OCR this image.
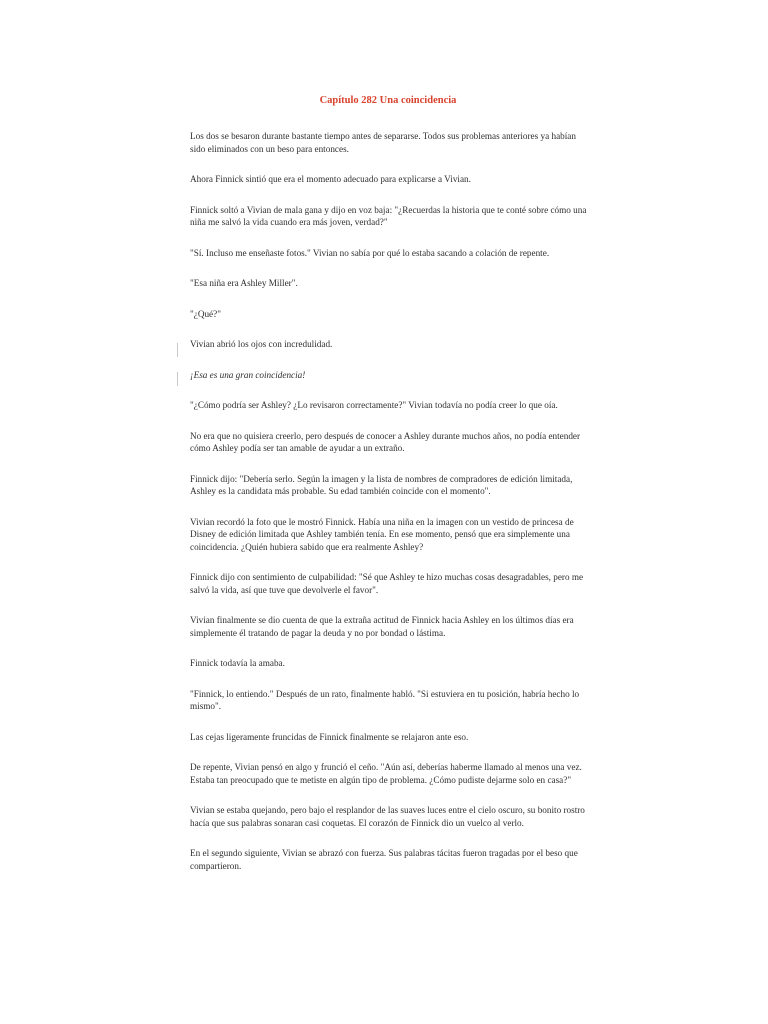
Capítulo 282 Una coincidencia

Los dos se besaron durante bastante tiempo antes de separarse. Todos sus problemas anteriores ya habían sido eliminados con un beso para entonces.

Ahora Finnick sintió que era el momento adecuado para explicarse a Vivian.

Finnick soltó a Vivian de mala gana y dijo en voz baja: "¿Recuerdas la historia que te conté sobre cómo una niña me salvó la vida cuando era más joven, verdad?"

"Sí. Incluso me enseñaste fotos." Vivian no sabía por qué lo estaba sacando a colación de repente.

"Esa niña era Ashley Miller".

"¿Qué?"

Vivian abrió los ojos con incredulidad.

¡Esa es una gran coincidencia!

"¿Cómo podría ser Ashley? ¿Lo revisaron correctamente?" Vivian todavía no podía creer lo que oía.

No era que no quisiera creerlo, pero después de conocer a Ashley durante muchos años, no podía entender cómo Ashley podía ser tan amable de ayudar a un extraño.

Finnick dijo: "Debería serlo. Según la imagen y la lista de nombres de compradores de edición limitada, Ashley es la candidata más probable. Su edad también coincide con el momento".

Vivian recordó la foto que le mostró Finnick. Había una niña en la imagen con un vestido de princesa de Disney de edición limitada que Ashley también tenía. En ese momento, pensó que era simplemente una coincidencia. ¿Quién hubiera sabido que era realmente Ashley?

Finnick dijo con sentimiento de culpabilidad: "Sé que Ashley te hizo muchas cosas desagradables, pero me salvó la vida, así que tuve que devolverle el favor".

Vivian finalmente se dio cuenta de que la extraña actitud de Finnick hacia Ashley en los últimos días era simplemente él tratando de pagar la deuda y no por bondad o lástima.

Finnick todavía la amaba.

"Finnick, lo entiendo." Después de un rato, finalmente habló. "Si estuviera en tu posición, habría hecho lo mismo".

Las cejas ligeramente fruncidas de Finnick finalmente se relajaron ante eso.

De repente, Vivian pensó en algo y frunció el ceño. "Aún así, deberías haberme llamado al menos una vez. Estaba tan preocupado que te metiste en algún tipo de problema. ¿Cómo pudiste dejarme solo en casa?"

Vivian se estaba quejando, pero bajo el resplandor de las suaves luces entre el cielo oscuro, su bonito rostro hacía que sus palabras sonaran casi coquetas. El corazón de Finnick dio un vuelco al verlo.

En el segundo siguiente, Vivian se abrazó con fuerza. Sus palabras tácitas fueron tragadas por el beso que compartieron.
